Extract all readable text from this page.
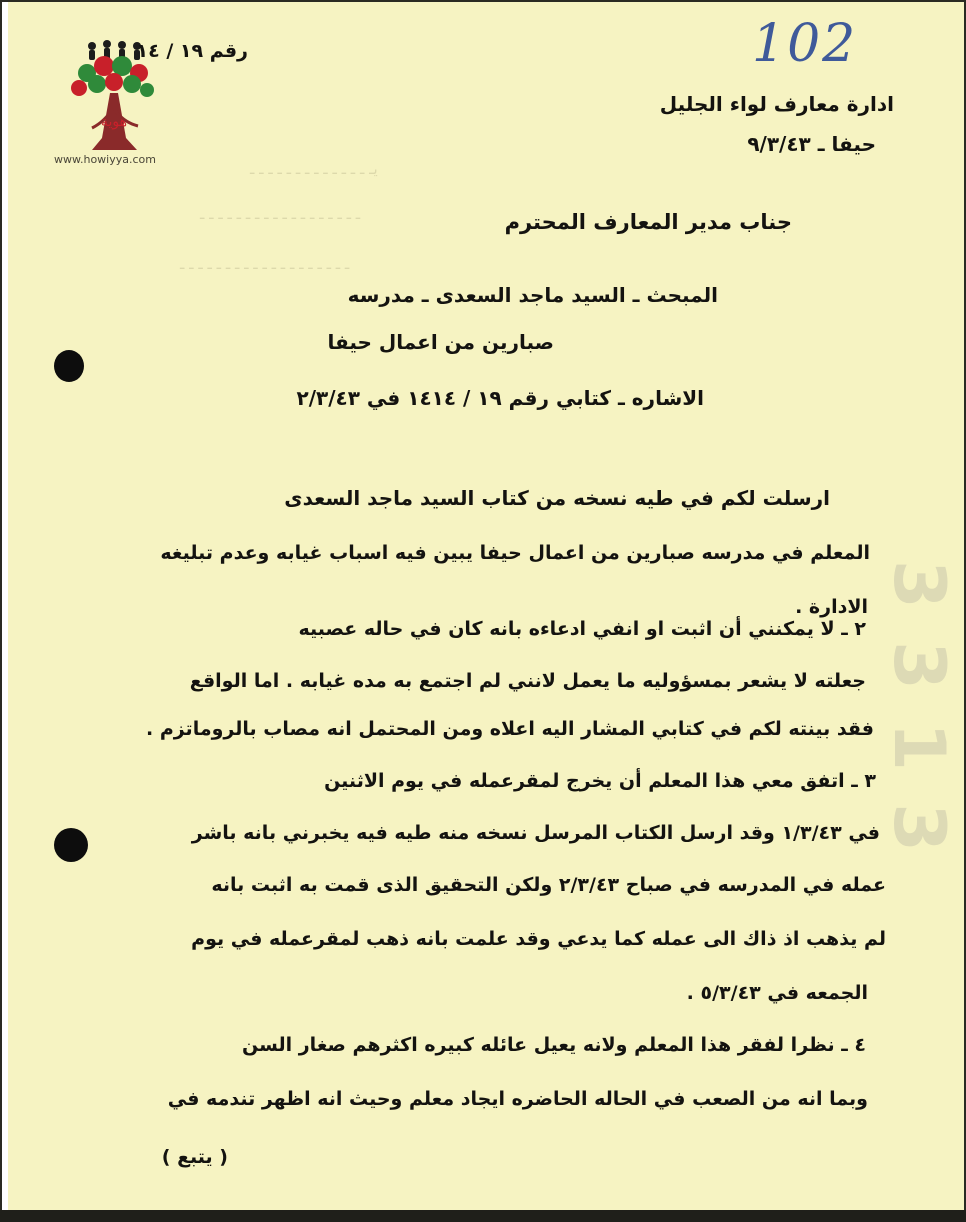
يـ ـ ـ ـ ـ ـ ـ ـ ـ ـ ـ ـ ـ ـ
ـ ـ ـ ـ ـ ـ ـ ـ ـ ـ ـ ـ ـ ـ ـ ـ ـ ـ
ـ ـ ـ ـ ـ ـ ـ ـ ـ ـ ـ ـ ـ ـ ـ ـ ـ ـ ـ
3 1 3 3
هوية
www.howiyya.com
102
رقم ١٩ / ١٤
ادارة معارف لواء الجليل
حيفا ـ ٩/٣/٤٣
جناب مدير المعارف المحترم
المبحث ـ السيد ماجد السعدى ـ مدرسه
صبارين من اعمال حيفا
الاشاره ـ كتابي رقم ١٩ / ١٤١٤ في ٢/٣/٤٣
ارسلت لكم في طيه نسخه من كتاب السيد ماجد السعدى
المعلم في مدرسه صبارين من اعمال حيفا يبين فيه اسباب غيابه وعدم تبليغه
الادارة .
٢ ـ لا يمكنني أن اثبت او انفي ادعاءه بانه كان في حاله عصبيه
جعلته لا يشعر بمسؤوليه ما يعمل لانني لم اجتمع به مده غيابه . اما الواقع
فقد بينته لكم في كتابي المشار اليه اعلاه ومن المحتمل انه مصاب بالروماتزم .
٣ ـ اتفق معي هذا المعلم أن يخرج لمقرعمله في يوم الاثنين
في ١/٣/٤٣ وقد ارسل الكتاب المرسل نسخه منه طيه فيه يخبرني بانه باشر
عمله في المدرسه في صباح ٢/٣/٤٣ ولكن التحقيق الذى قمت به اثبت بانه
لم يذهب اذ ذاك الى عمله كما يدعي وقد علمت بانه ذهب لمقرعمله في يوم
الجمعه في ٥/٣/٤٣ .
٤ ـ نظرا لفقر هذا المعلم ولانه يعيل عائله كبيره اكثرهم صغار السن
وبما انه من الصعب في الحاله الحاضره ايجاد معلم وحيث انه اظهر تندمه في
( يتبع )
